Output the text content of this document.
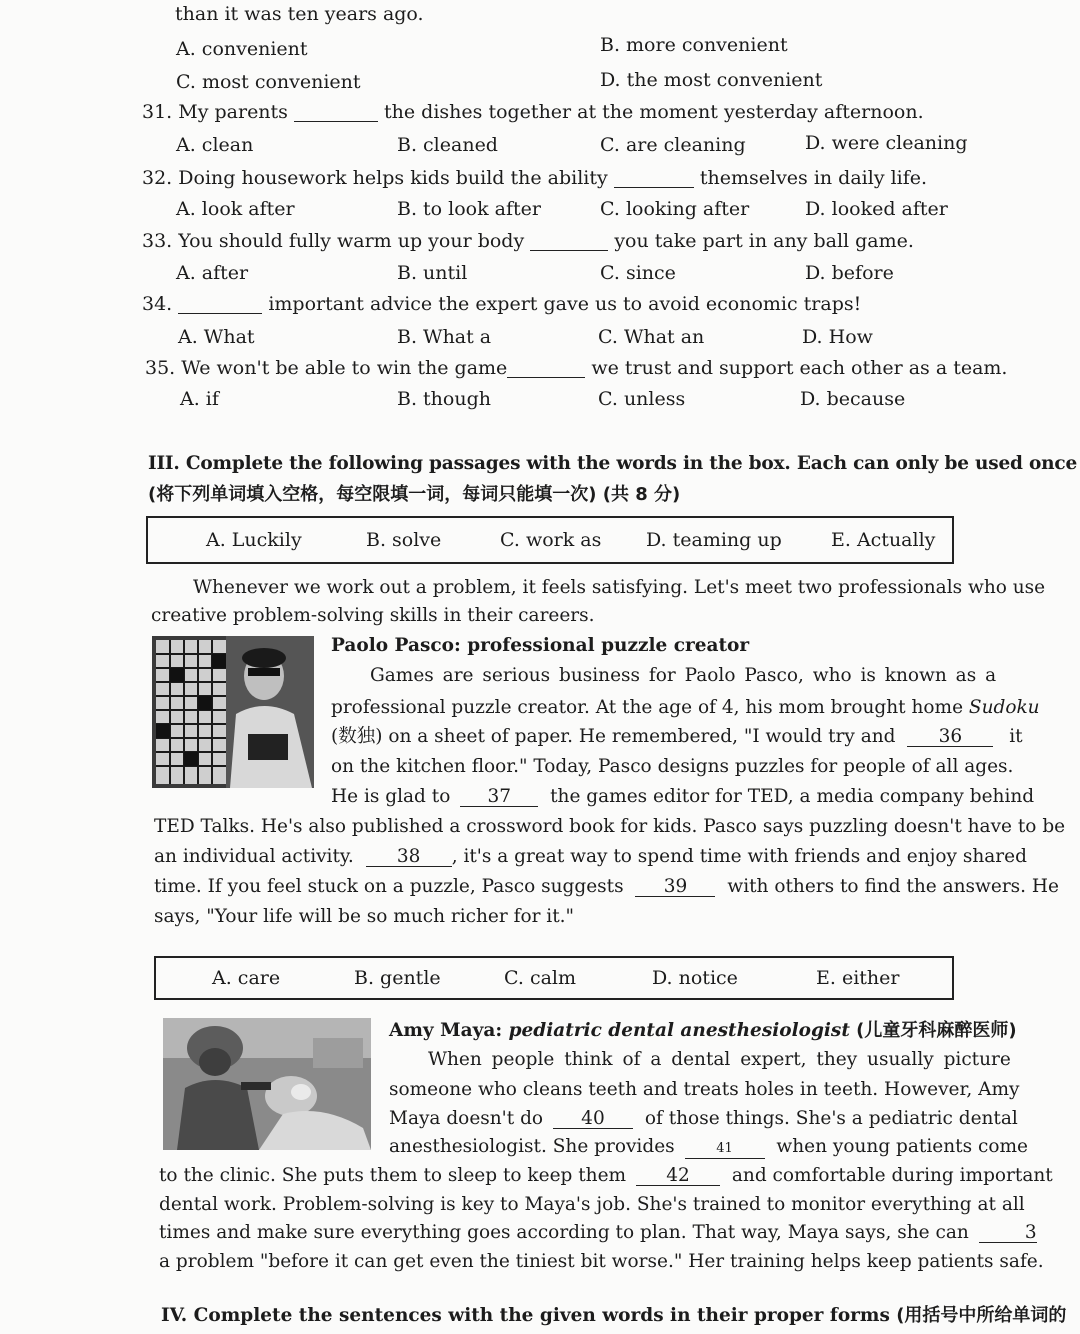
than it was ten years ago.
A. convenient	B. more convenient
C. most convenient	D. the most convenient
31. My parents	the dishes together at the moment yesterday afternoon.
A. clean	B. cleaned	C. are cleaning	D. were cleaning
32. Doing housework helps kids build the ability	themselves in daily life.
A. look after	B. to look after	C. looking after	D. looked after
33. You should fully warm up your body	you take part in any ball game.
A. after	B. until	C. since	D. before
34.	important advice the expert gave us to avoid economic traps!
A. What	B. What a	C. What an	D. How
35. We won't be able to win the game	we trust and support each other as a team.
A. if	B. though	C. unless	D. because
III. Complete the following passages with the words in the box. Each can only be used once
(将下列单词填入空格，每空限填一词，每词只能填一次) (共 8 分)
A. Luckily	B. solve	C. work as D. teaming up	E. Actually
Whenever we work out a problem, it feels satisfying. Let's meet two professionals who use
creative problem-solving skills in their careers.
Paolo Pasco: professional puzzle creator
Games are serious business for Paolo Pasco, who is known as a
professional puzzle creator. At the age of 4, his mom brought home Sudoku
(数独) on a sheet of paper. He remembered, "I would try and 36	it
on the kitchen floor." Today, Pasco designs puzzles for people of all ages.
He is glad to 37 the games editor for TED, a media company behind
TED Talks. He's also published a crossword book for kids. Pasco says puzzling doesn't have to be
an individual activity. 38 , it's a great way to spend time with friends and enjoy shared
time. If you feel stuck on a puzzle, Pasco suggests 39 with others to find the answers. He
says, "Your life will be so much richer for it."
A. care	B. gentle	C. calm	D. notice	E. either
Amy Maya: pediatric dental anesthesiologist (儿童牙科麻醉医师)
When people think of a dental expert, they usually picture
someone who cleans teeth and treats holes in teeth. However, Amy
Maya doesn't do 40 of those things. She's a pediatric dental
anesthesiologist. She provides	41 when young patients come
to the clinic. She puts them to sleep to keep them 42 and comfortable during important
dental work. Problem-solving is key to Maya's job. She's trained to monitor everything at all
times and make sure everything goes according to plan. That way, Maya says, she can	3
a problem "before it can get even the tiniest bit worse." Her training helps keep patients safe.
IV. Complete the sentences with the given words in their proper forms (用括号中所给单词的
